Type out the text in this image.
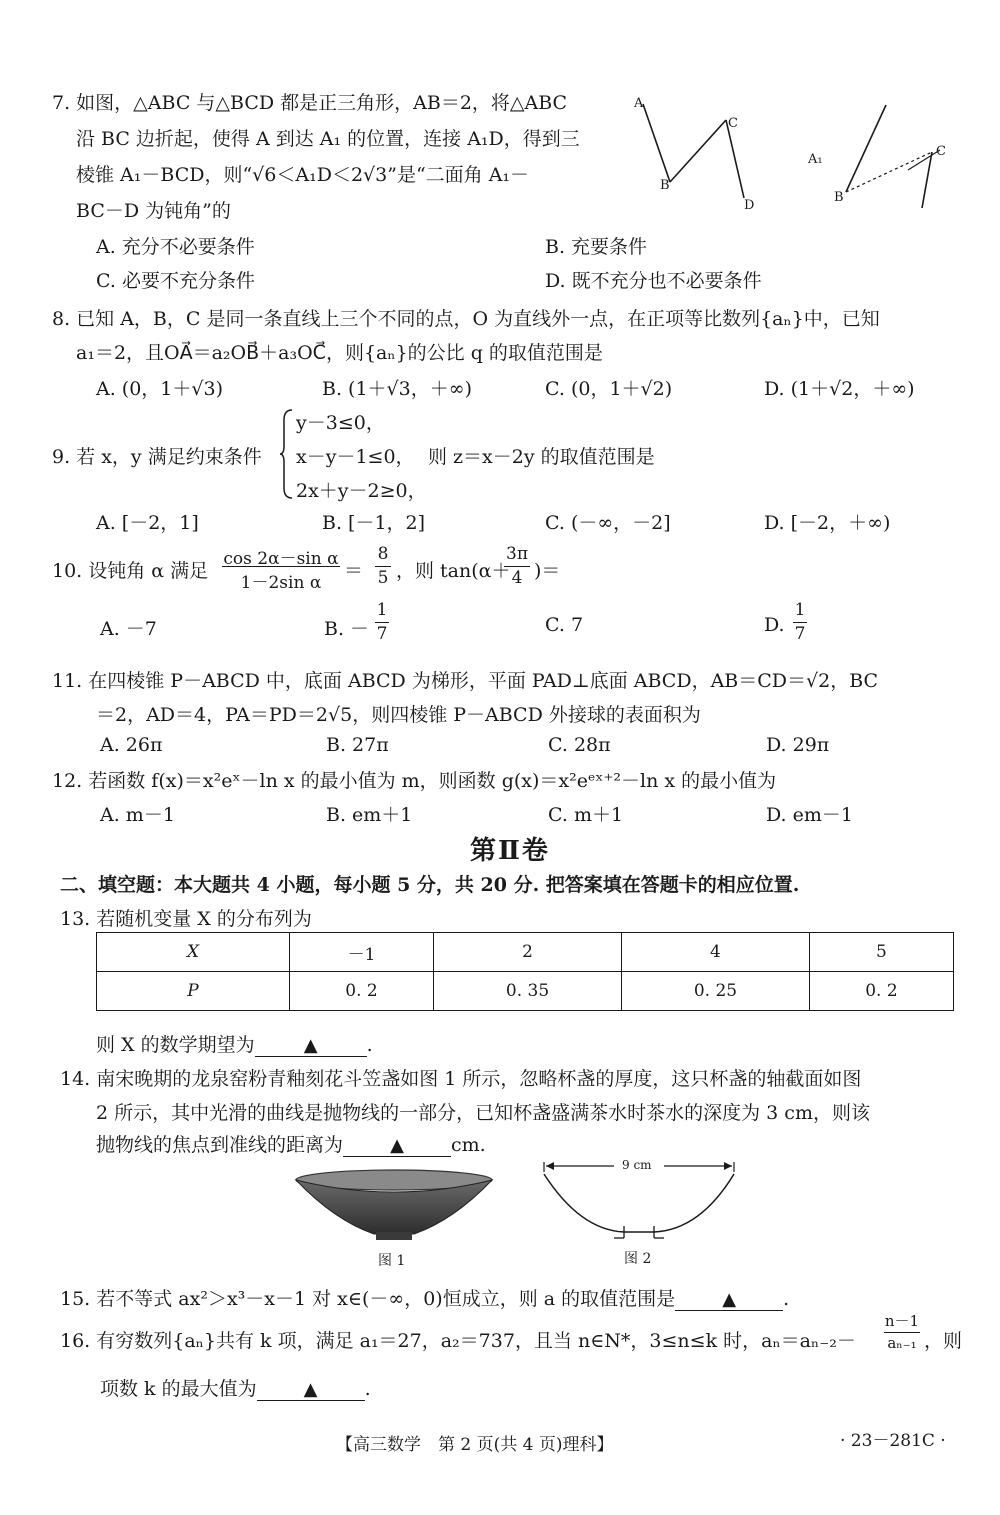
7. 如图，△ABC 与△BCD 都是正三角形，AB＝2，将△ABC
沿 BC 边折起，使得 A 到达 A₁ 的位置，连接 A₁D，得到三
棱锥 A₁－BCD，则“√6＜A₁D＜2√3”是“二面角 A₁－
BC－D 为钝角”的
A. 充分不必要条件	B. 充要条件
C. 必要不充分条件	D. 既不充分也不必要条件
A
B
C
D
B
C
A₁
8. 已知 A，B，C 是同一条直线上三个不同的点，O 为直线外一点，在正项等比数列{aₙ}中，已知
a₁＝2，且OA⃗＝a₂OB⃗＋a₃OC⃗，则{aₙ}的公比 q 的取值范围是
A. (0，1＋√3)	B. (1＋√3，＋∞)	C. (0，1＋√2)	D. (1＋√2，＋∞)
9. 若 x，y 满足约束条件
y－3≤0，
x－y－1≤0，
2x＋y－2≥0，
则 z＝x－2y 的取值范围是
A. [－2，1]	B. [－1，2]	C. (－∞，－2]	D. [－2，＋∞)
10. 设钝角 α 满足
cos 2α－sin α
1－2sin α
＝
8
5 ，则 tan(α＋
3π
4 )＝
A. －7	B. －
1
7	C. 7	D.
1
7
11. 在四棱锥 P－ABCD 中，底面 ABCD 为梯形，平面 PAD⊥底面 ABCD，AB＝CD＝√2，BC
＝2，AD＝4，PA＝PD＝2√5，则四棱锥 P－ABCD 外接球的表面积为
A. 26π	B. 27π	C. 28π	D. 29π
12. 若函数 f(x)＝x²eˣ－ln x 的最小值为 m，则函数 g(x)＝x²eᵉˣ⁺²－ln x 的最小值为
A. m－1	B. em＋1	C. m＋1	D. em－1
第Ⅱ卷
二、填空题：本大题共 4 小题，每小题 5 分，共 20 分. 把答案填在答题卡的相应位置.
13. 若随机变量 X 的分布列为
X	－1	2	4	5
P	0. 2	0. 35	0. 25	0. 2
则 X 的数学期望为	▲	.
14. 南宋晚期的龙泉窑粉青釉刻花斗笠盏如图 1 所示，忽略杯盏的厚度，这只杯盏的轴截面如图
2 所示，其中光滑的曲线是抛物线的一部分，已知杯盏盛满茶水时茶水的深度为 3 cm，则该
抛物线的焦点到准线的距离为	▲ cm.
图 1
9 cm
图 2
15. 若不等式 ax²＞x³－x－1 对 x∈(－∞，0)恒成立，则 a 的取值范围是	▲ .
16. 有穷数列{aₙ}共有 k 项，满足 a₁＝27，a₂＝737，且当 n∈N*，3≤n≤k 时，aₙ＝aₙ₋₂－
n－1
aₙ₋₁ ，则
项数 k 的最大值为	▲ .
【高三数学　第 2 页(共 4 页)理科】	· 23－281C ·
